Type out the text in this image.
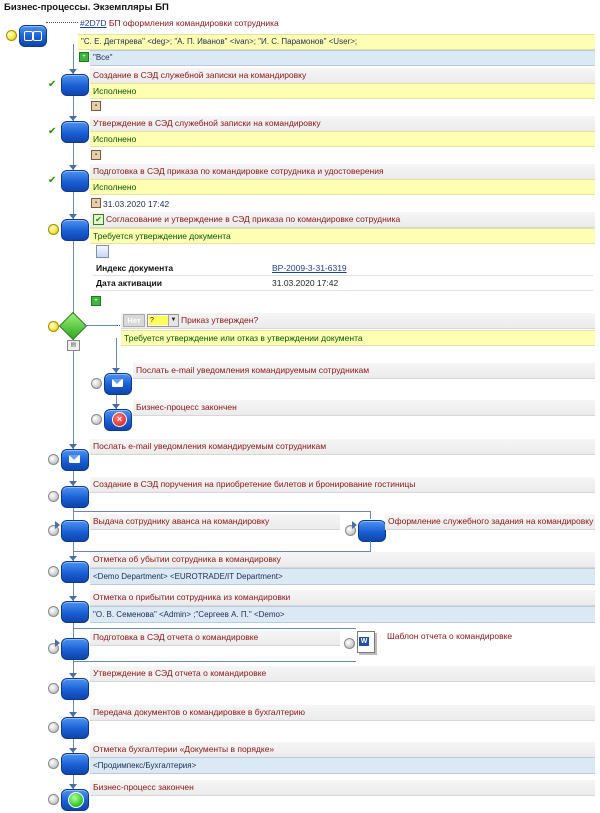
Бизнес-процессы. Экземпляры БП
#2D7D БП оформления командировки сотрудника
"С. Е. Дегтярева" <deg>; "А. П. Иванов" <ivan>; "И. С. Парамонов" <User>;
+ "Все"
✔
Создание в СЭД служебной записки на командировку
Исполнено
▪
✔
Утверждение в СЭД служебной записки на командировку
Исполнено
▪
✔
Подготовка в СЭД приказа по командировке сотрудника и удостоверения
Исполнено
▪ 31.03.2020 17:42
✔ Согласование и утверждение в СЭД приказа по командировке сотрудника
Требуется утверждение документа
Индекс документа	BP-2009-3-31-6319
Дата активации	31.03.2020 17:42
+
▤
Нет	?	▼ Приказ утвержден?
Требуется утверждение или отказ в утверждении документа
Послать e-mail уведомления командируемым сотрудникам
×
Бизнес-процесс закончен
Послать e-mail уведомления командируемым сотрудникам
Создание в СЭД поручения на приобретение билетов и бронирование гостиницы
Выдача сотруднику аванса на командировку	Оформление служебного задания на командировку
Отметка об убытии сотрудника в командировку
<Demo Department> <EUROTRADE/IT Department>
Отметка о прибытии сотрудника из командировки
"О. В. Семенова" <Admin> ;"Сергеев А. П." <Demo>
Подготовка в СЭД отчета о командировке	W
Шаблон отчета о командировке
Утверждение в СЭД отчета о командировке
Передача документов о командировке в бухгалтерию
Отметка бухгалтерии «Документы в порядке»
<Продимпекс/Бухгалтерия>
Бизнес-процесс закончен
